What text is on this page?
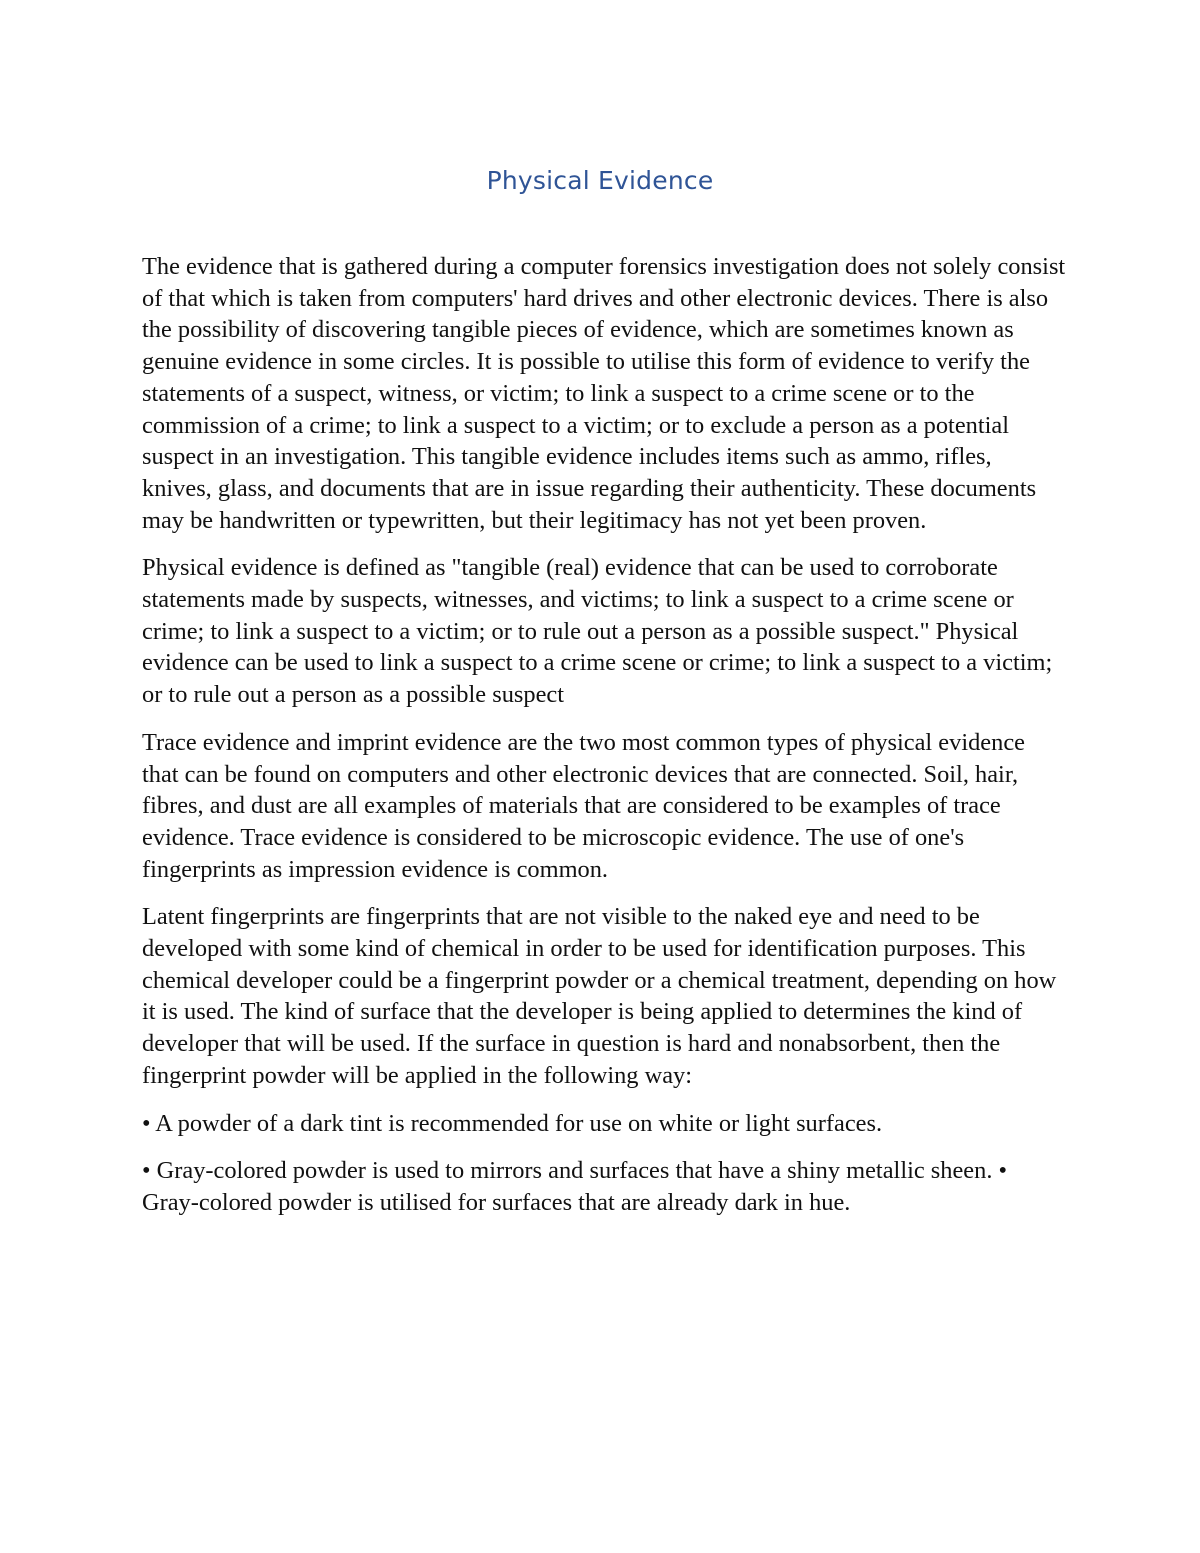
Physical Evidence

The evidence that is gathered during a computer forensics investigation does not solely consist of that which is taken from computers' hard drives and other electronic devices. There is also the possibility of discovering tangible pieces of evidence, which are sometimes known as genuine evidence in some circles. It is possible to utilise this form of evidence to verify the statements of a suspect, witness, or victim; to link a suspect to a crime scene or to the commission of a crime; to link a suspect to a victim; or to exclude a person as a potential suspect in an investigation. This tangible evidence includes items such as ammo, rifles, knives, glass, and documents that are in issue regarding their authenticity. These documents may be handwritten or typewritten, but their legitimacy has not yet been proven.

Physical evidence is defined as "tangible (real) evidence that can be used to corroborate statements made by suspects, witnesses, and victims; to link a suspect to a crime scene or crime; to link a suspect to a victim; or to rule out a person as a possible suspect." Physical evidence can be used to link a suspect to a crime scene or crime; to link a suspect to a victim; or to rule out a person as a possible suspect

Trace evidence and imprint evidence are the two most common types of physical evidence that can be found on computers and other electronic devices that are connected. Soil, hair, fibres, and dust are all examples of materials that are considered to be examples of trace evidence. Trace evidence is considered to be microscopic evidence. The use of one's fingerprints as impression evidence is common.

Latent fingerprints are fingerprints that are not visible to the naked eye and need to be developed with some kind of chemical in order to be used for identification purposes. This chemical developer could be a fingerprint powder or a chemical treatment, depending on how it is used. The kind of surface that the developer is being applied to determines the kind of developer that will be used. If the surface in question is hard and nonabsorbent, then the fingerprint powder will be applied in the following way:

• A powder of a dark tint is recommended for use on white or light surfaces.

• Gray-colored powder is used to mirrors and surfaces that have a shiny metallic sheen. • Gray-colored powder is utilised for surfaces that are already dark in hue.
